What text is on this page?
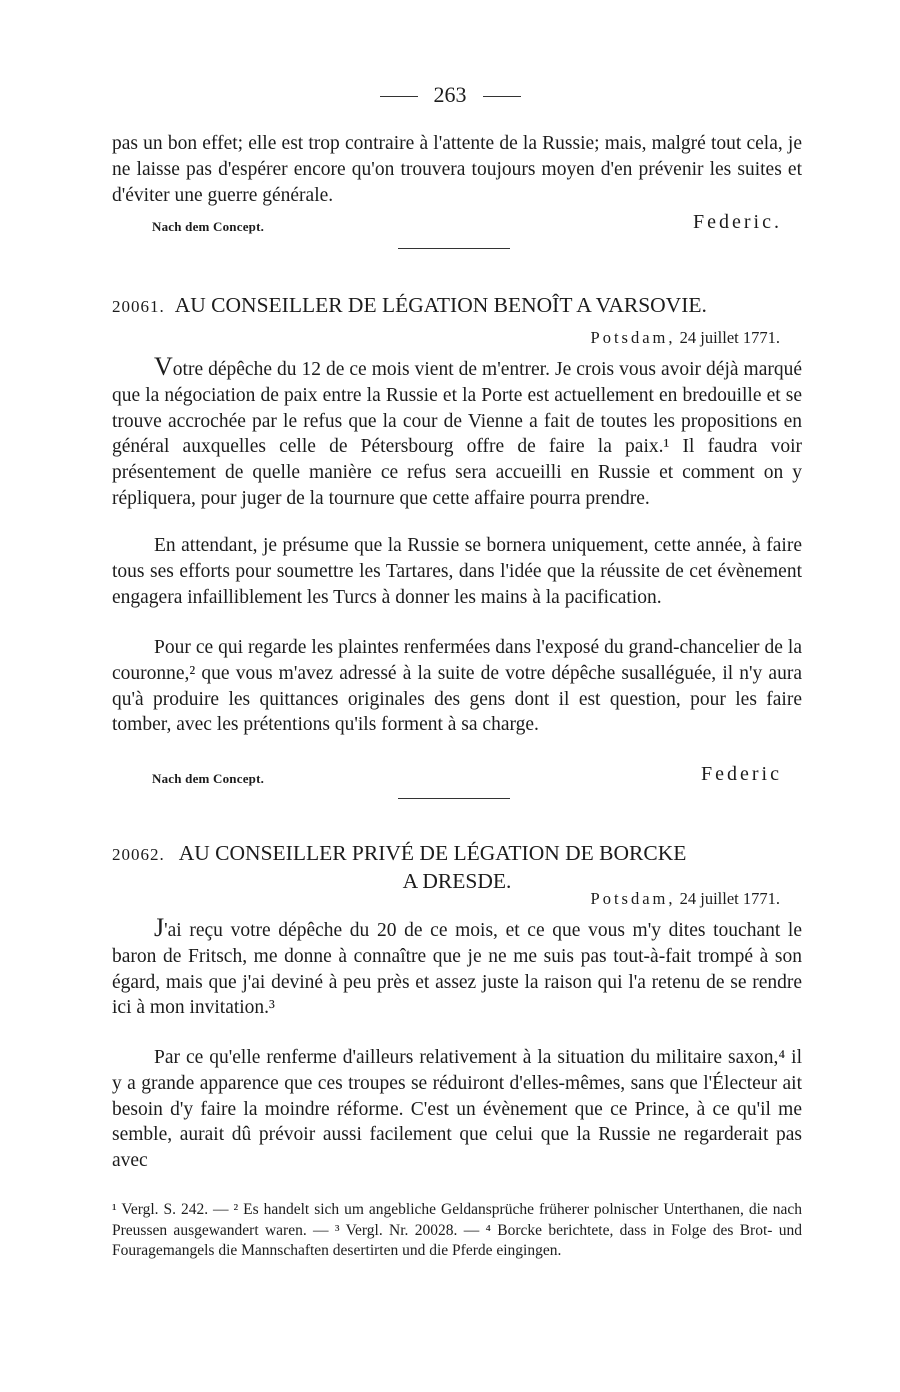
263
pas un bon effet; elle est trop contraire à l'attente de la Russie; mais, malgré tout cela, je ne laisse pas d'espérer encore qu'on trouvera toujours moyen d'en prévenir les suites et d'éviter une guerre générale.
Nach dem Concept.	Federic.
20061. AU CONSEILLER DE LÉGATION BENOÎT A VARSOVIE.
Potsdam, 24 juillet 1771.
Votre dépêche du 12 de ce mois vient de m'entrer. Je crois vous avoir déjà marqué que la négociation de paix entre la Russie et la Porte est actuellement en bredouille et se trouve accrochée par le refus que la cour de Vienne a fait de toutes les propositions en général auxquelles celle de Pétersbourg offre de faire la paix.¹ Il faudra voir présentement de quelle manière ce refus sera accueilli en Russie et comment on y répliquera, pour juger de la tournure que cette affaire pourra prendre.
En attendant, je présume que la Russie se bornera uniquement, cette année, à faire tous ses efforts pour soumettre les Tartares, dans l'idée que la réussite de cet évènement engagera infailliblement les Turcs à donner les mains à la pacification.
Pour ce qui regarde les plaintes renfermées dans l'exposé du grand-chancelier de la couronne,² que vous m'avez adressé à la suite de votre dépêche susalléguée, il n'y aura qu'à produire les quittances originales des gens dont il est question, pour les faire tomber, avec les prétentions qu'ils forment à sa charge.
Nach dem Concept.	Federic
20062. AU CONSEILLER PRIVÉ DE LÉGATION DE BORCKE
A DRESDE.
Potsdam, 24 juillet 1771.
J'ai reçu votre dépêche du 20 de ce mois, et ce que vous m'y dites touchant le baron de Fritsch, me donne à connaître que je ne me suis pas tout-à-fait trompé à son égard, mais que j'ai deviné à peu près et assez juste la raison qui l'a retenu de se rendre ici à mon invitation.³
Par ce qu'elle renferme d'ailleurs relativement à la situation du militaire saxon,⁴ il y a grande apparence que ces troupes se réduiront d'elles-mêmes, sans que l'Électeur ait besoin d'y faire la moindre réforme. C'est un évènement que ce Prince, à ce qu'il me semble, aurait dû prévoir aussi facilement que celui que la Russie ne regarderait pas avec
¹ Vergl. S. 242. — ² Es handelt sich um angebliche Geldansprüche früherer polnischer Unterthanen, die nach Preussen ausgewandert waren. — ³ Vergl. Nr. 20028. — ⁴ Borcke berichtete, dass in Folge des Brot- und Fouragemangels die Mannschaften desertirten und die Pferde eingingen.
